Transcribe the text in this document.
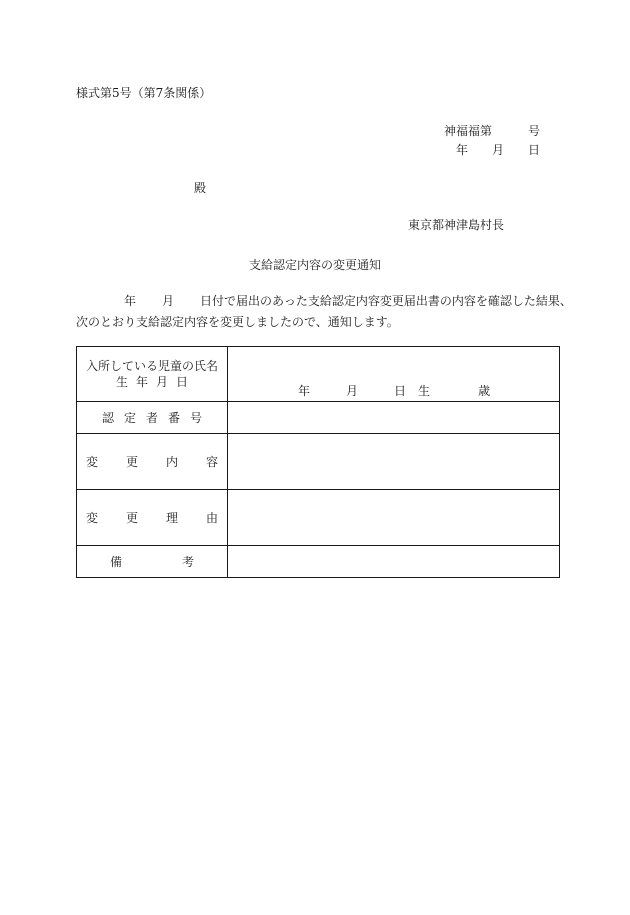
様式第5号（第7条関係）
神福福第	号
年 月 日
殿
東京都神津島村長
支給認定内容の変更通知
年 月 日付で届出のあった支給認定内容変更届出書の内容を確認した結果、
次のとおり支給認定内容を変更しましたので、通知します。
入所している児童の氏名
生 年 月 日	年 月 日 生 歳

認 定 者 番 号	
変 更 内 容	
変 更 理 由	
備 考	
